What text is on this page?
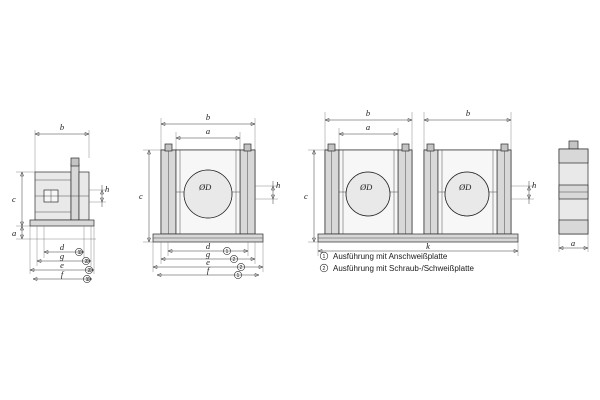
b
h
c
a
d
1
g
2
e
2
f
1
b
a
ØD	h
c
d
1
g
2
e
2
f
1
b
a
b
ØD	ØD	h
c
k	a
1 Ausführung mit Anschweißplatte
2 Ausführung mit Schraub-/Schweißplatte
